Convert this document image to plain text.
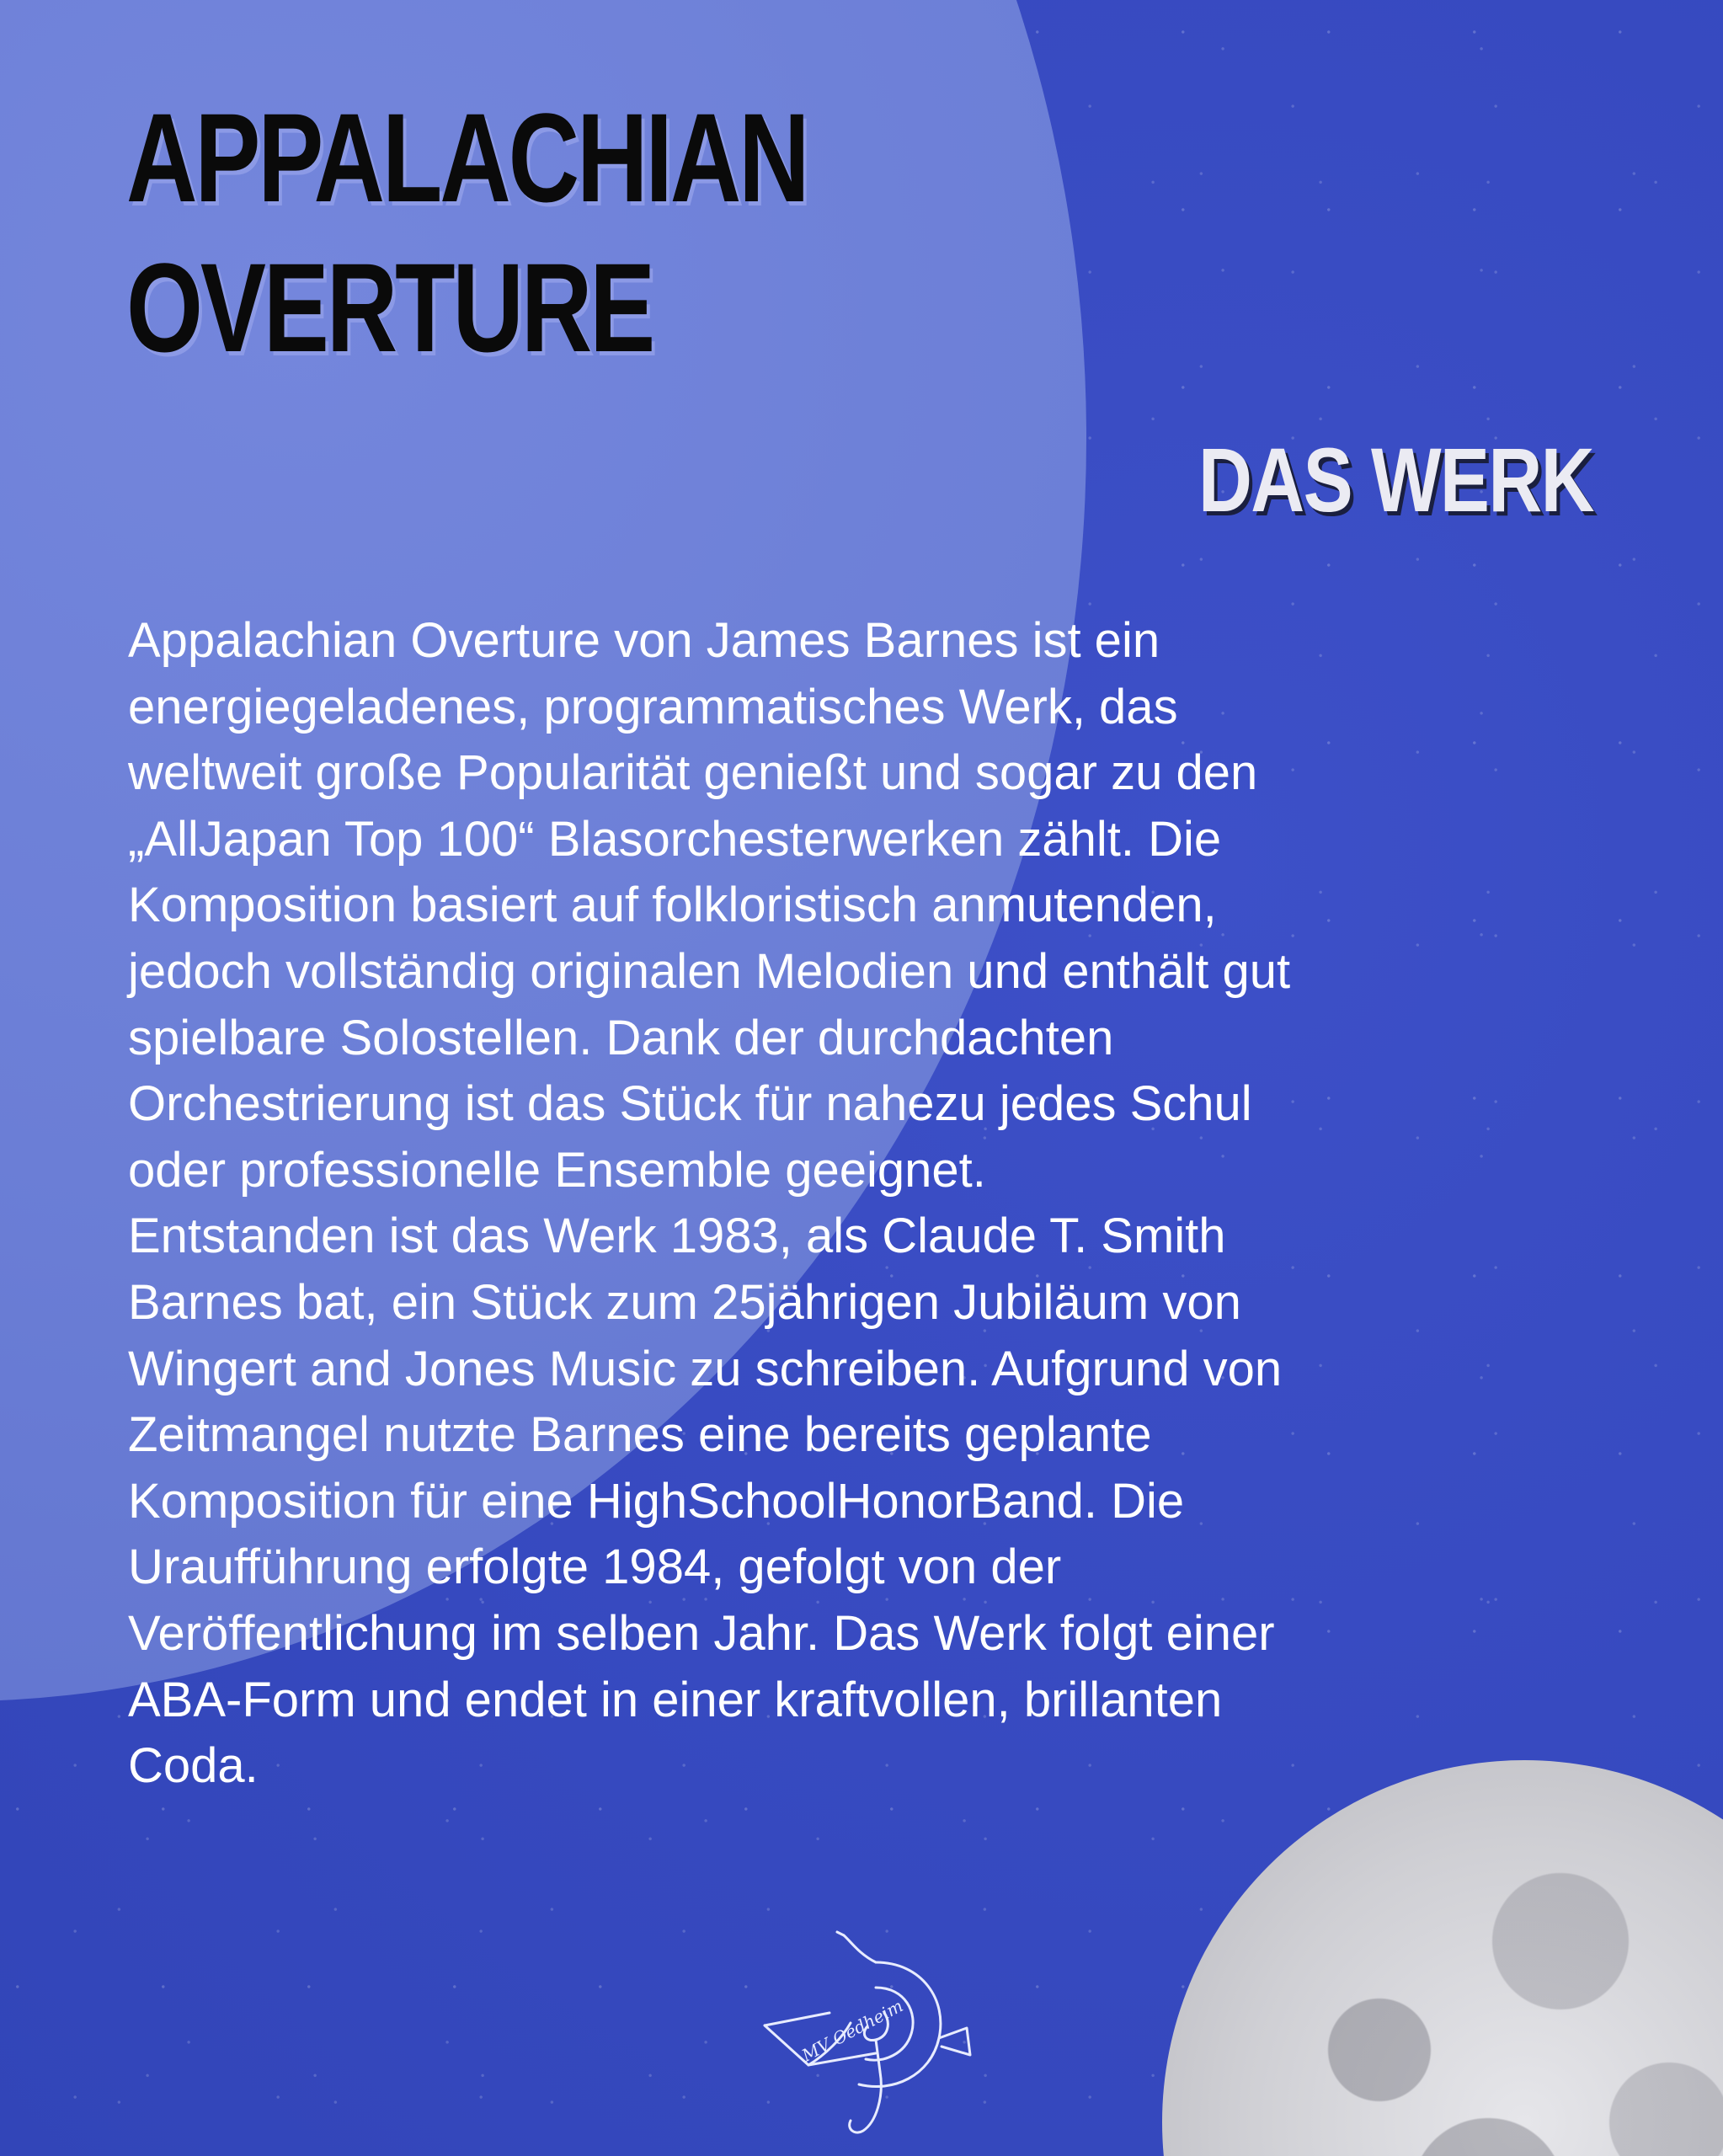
APPALACHIAN
OVERTURE
DAS WERK
Appalachian Overture von James Barnes ist ein
energiegeladenes, programmatisches Werk, das
weltweit große Popularität genießt und sogar zu den
„AllJapan Top 100“ Blasorchesterwerken zählt. Die
Komposition basiert auf folkloristisch anmutenden,
jedoch vollständig originalen Melodien und enthält gut
spielbare Solostellen. Dank der durchdachten
Orchestrierung ist das Stück für nahezu jedes Schul
oder professionelle Ensemble geeignet.
Entstanden ist das Werk 1983, als Claude T. Smith
Barnes bat, ein Stück zum 25jährigen Jubiläum von
Wingert and Jones Music zu schreiben. Aufgrund von
Zeitmangel nutzte Barnes eine bereits geplante
Komposition für eine HighSchoolHonorBand. Die
Uraufführung erfolgte 1984, gefolgt von der
Veröffentlichung im selben Jahr. Das Werk folgt einer
ABA-Form und endet in einer kraftvollen, brillanten
Coda.
MV Oedheim
